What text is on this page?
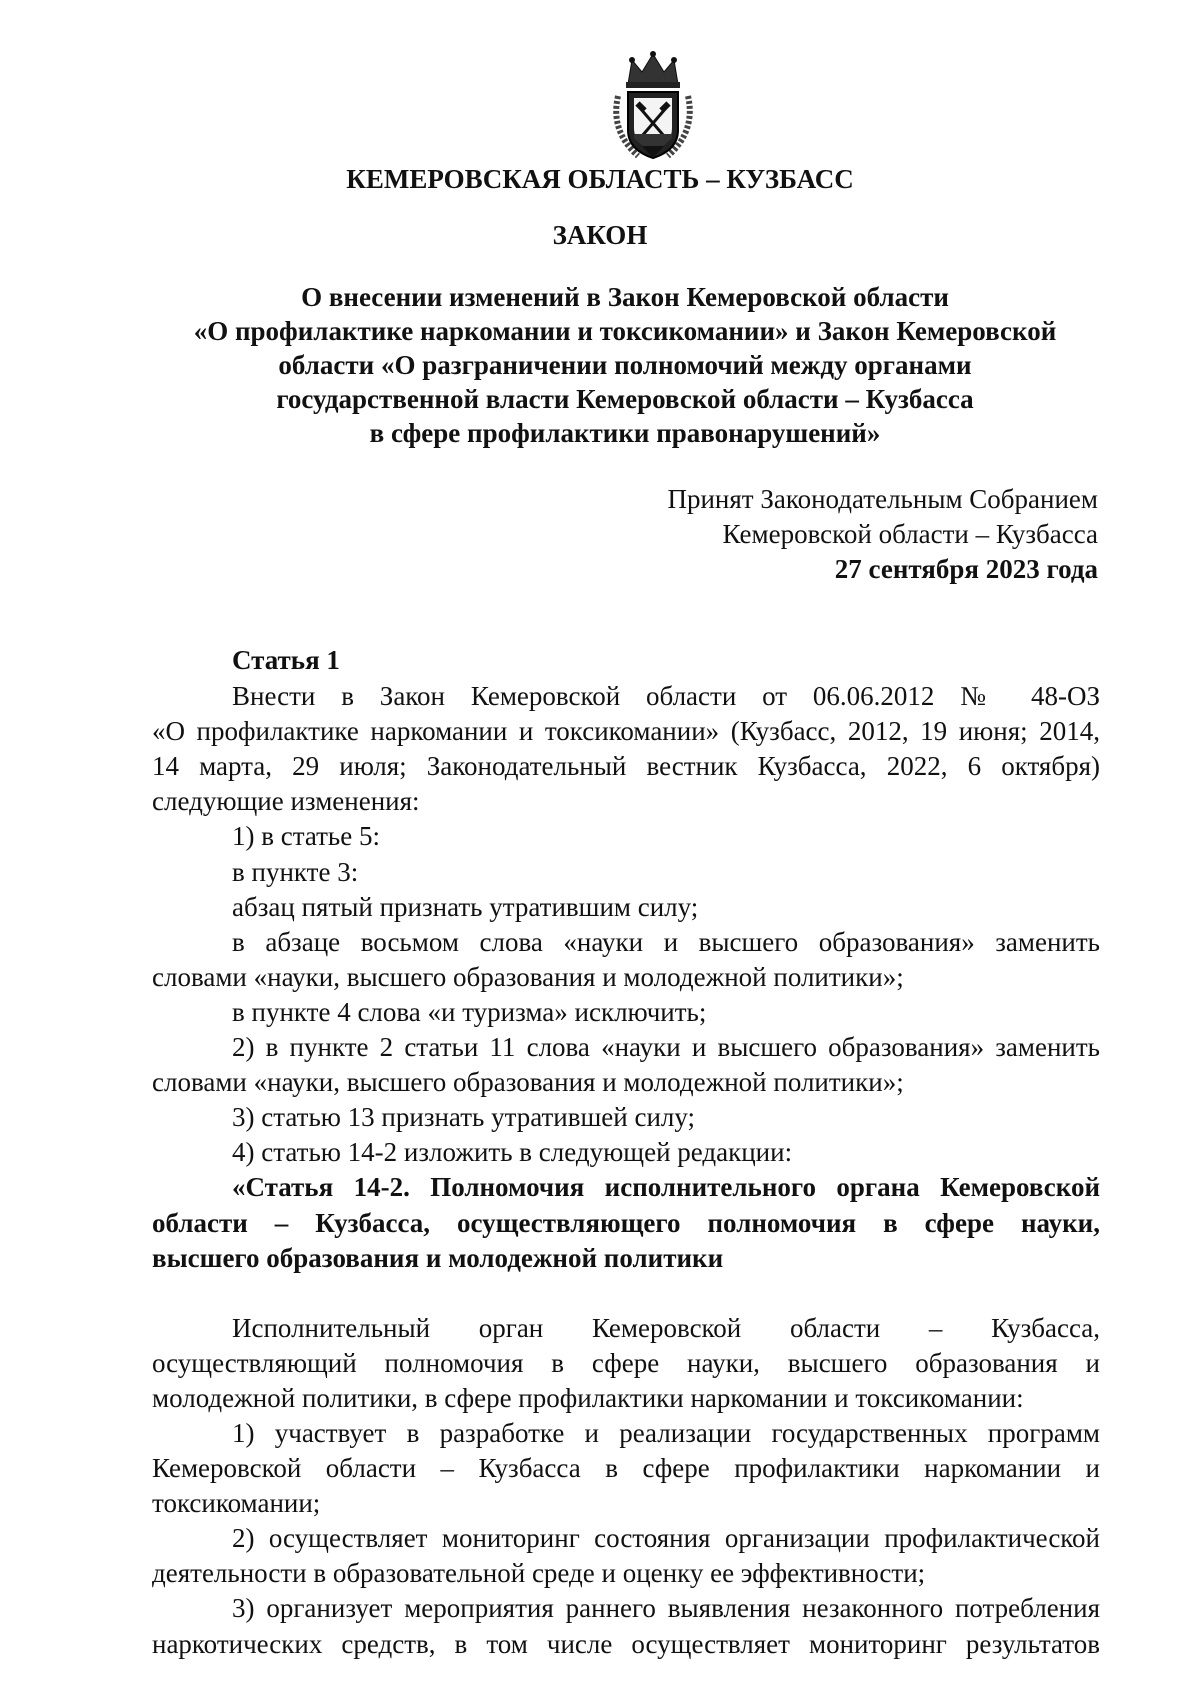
КЕМЕРОВСКАЯ ОБЛАСТЬ – КУЗБАСС
ЗАКОН
О внесении изменений в Закон Кемеровской области
«О профилактике наркомании и токсикомании» и Закон Кемеровской
области «О разграничении полномочий между органами
государственной власти Кемеровской области – Кузбасса
в сфере профилактики правонарушений»
Принят Законодательным Собранием
Кемеровской области – Кузбасса
27 сентября 2023 года

Статья 1

Внести в Закон Кемеровской области от 06.06.2012 № 48-ОЗ

«О профилактике наркомании и токсикомании» (Кузбасс, 2012, 19 июня; 2014,
14 марта, 29 июля; Законодательный вестник Кузбасса, 2022, 6 октября)
следующие изменения:

1) в статье 5:

в пункте 3:

абзац пятый признать утратившим силу;

в абзаце восьмом слова «науки и высшего образования» заменить

словами «науки, высшего образования и молодежной политики»;

в пункте 4 слова «и туризма» исключить;

2) в пункте 2 статьи 11 слова «науки и высшего образования» заменить

словами «науки, высшего образования и молодежной политики»;

3) статью 13 признать утратившей силу;

4) статью 14-2 изложить в следующей редакции:

«Статья 14-2. Полномочия исполнительного органа Кемеровской

области – Кузбасса, осуществляющего полномочия в сфере науки,
высшего образования и молодежной политики

Исполнительный орган Кемеровской области – Кузбасса,

осуществляющий полномочия в сфере науки, высшего образования и
молодежной политики, в сфере профилактики наркомании и токсикомании:

1) участвует в разработке и реализации государственных программ

Кемеровской области – Кузбасса в сфере профилактики наркомании и
токсикомании;

2) осуществляет мониторинг состояния организации профилактической

деятельности в образовательной среде и оценку ее эффективности;

3) организует мероприятия раннего выявления незаконного потребления

наркотических средств, в том числе осуществляет мониторинг результатов
